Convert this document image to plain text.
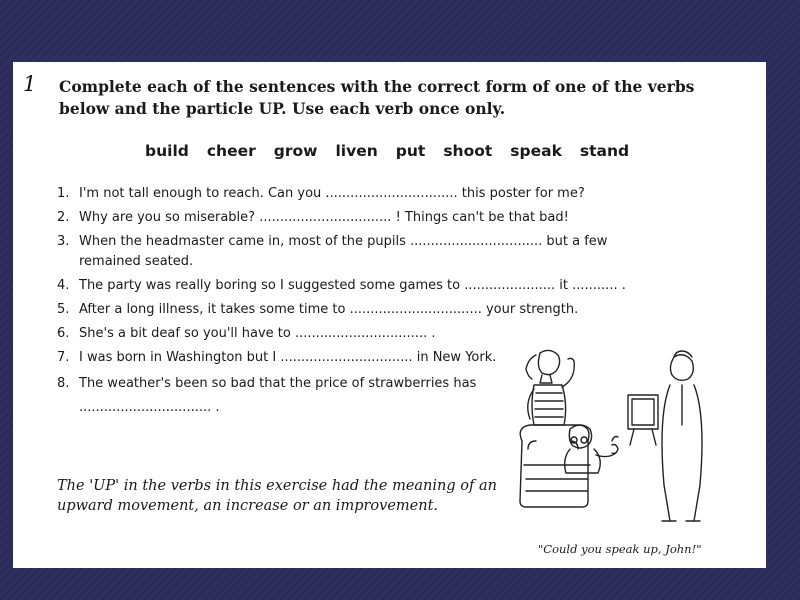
1 Complete each of the sentences with the correct form of one of the verbs below and the particle UP. Use each verb once only.
build cheer grow liven put shoot speak stand
1. I'm not tall enough to reach. Can you ................................ this poster for me?
2. Why are you so miserable? ................................ ! Things can't be that bad!
3. When the headmaster came in, most of the pupils ................................ but a few remained seated.
4. The party was really boring so I suggested some games to ...................... it ........... .
5. After a long illness, it takes some time to ................................ your strength.
6. She's a bit deaf so you'll have to ................................ .
7. I was born in Washington but I ................................ in New York.
8. The weather's been so bad that the price of strawberries has ................................ .
The 'UP' in the verbs in this exercise had the meaning of an upward movement, an increase or an improvement.
"Could you speak up, John!"
